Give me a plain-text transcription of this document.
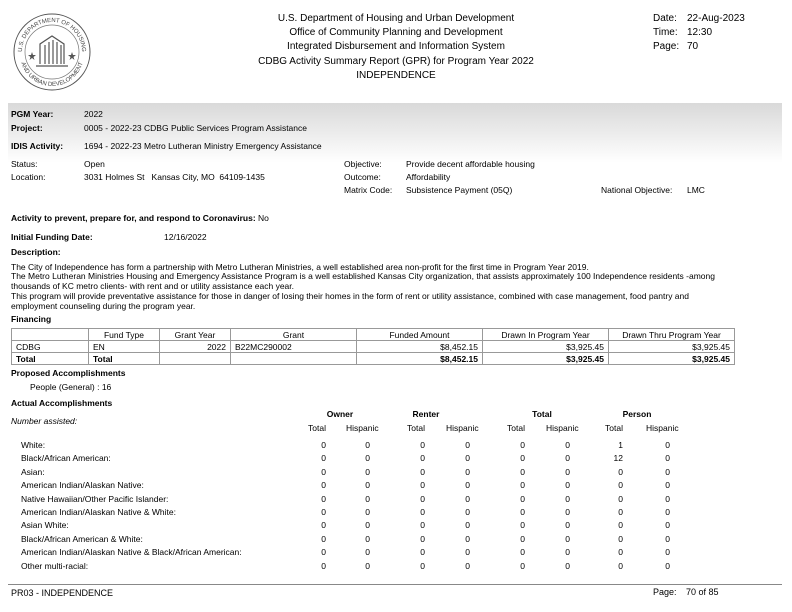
U.S. DEPARTMENT OF HOUSING
AND URBAN DEVELOPMENT
U.S. Department of Housing and Urban Development
Office of Community Planning and Development
Integrated Disbursement and Information System
CDBG Activity Summary Report (GPR) for Program Year 2022
INDEPENDENCE
Date: 22-Aug-2023
Time: 12:30
Page: 70
PGM Year:	2022
Project:	0005 - 2022-23 CDBG Public Services Program Assistance
IDIS Activity: 1694 - 2022-23 Metro Lutheran Ministry Emergency Assistance
Status:	Open
Location:	3031 Holmes St   Kansas City, MO  64109-1435
Objective:	Provide decent affordable housing
Outcome:	Affordability
Matrix Code: Subsistence Payment (05Q)	National Objective: LMC
Activity to prevent, prepare for, and respond to Coronavirus: No
Initial Funding Date:	12/16/2022
Description:
The City of Independence has form a partnership with Metro Lutheran Ministries, a well established area non-profit for the first time in Program Year 2019.
The Metro Lutheran Ministries Housing and Emergency Assistance Program is a well established Kansas City organization, that assists approximately 100 Independence residents -among thousands of KC metro clients- with rent and or utility assistance each year.
This program will provide preventative assistance for those in danger of losing their homes in the form of rent or utility assistance, combined with case management, food pantry and employment counseling during the program year.
Financing
	Fund Type	Grant Year	Grant	Funded Amount	Drawn In Program Year	Drawn Thru Program Year
CDBG	EN	2022	B22MC290002	$8,452.15	$3,925.45	$3,925.45
Total	Total			$8,452.15	$3,925.45	$3,925.45
Proposed Accomplishments
People (General) : 16
Actual Accomplishments
Number assisted:
Owner	Renter	Total	Person
Total	Hispanic	Total	Hispanic	Total	Hispanic	Total	Hispanic
White:	0	0	0	0	0	0	1	0
Black/African American:	0	0	0	0	0	0	12	0
Asian:	0	0	0	0	0	0	0	0
American Indian/Alaskan Native:	0	0	0	0	0	0	0	0
Native Hawaiian/Other Pacific Islander:	0	0	0	0	0	0	0	0
American Indian/Alaskan Native & White:	0	0	0	0	0	0	0	0
Asian White:	0	0	0	0	0	0	0	0
Black/African American & White:	0	0	0	0	0	0	0	0
American Indian/Alaskan Native & Black/African American:	0	0	0	0	0	0	0	0
Other multi-racial:	0	0	0	0	0	0	0	0
PR03 - INDEPENDENCE	Page: 70 of 85
